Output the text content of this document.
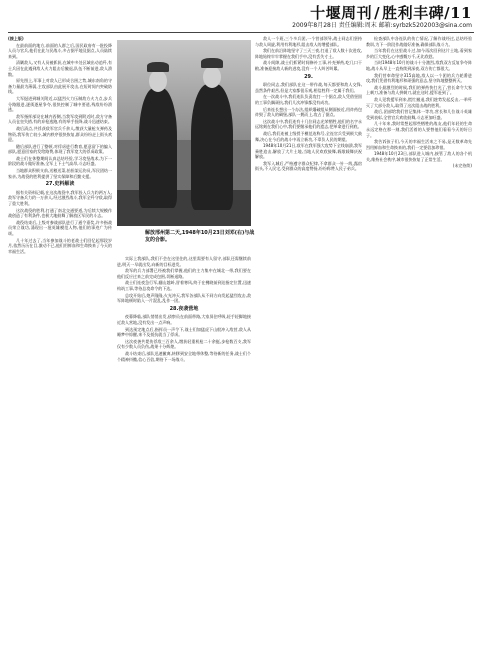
十堰周刊 / 胜利丰碑/11
2009年8月28日 责任编辑:周末 邮箱:syrbzk5202003@sina.com

(接上版)

在最前面的地方,前面的人群之后,国民政府有一批投降人员与官兵,他们在此与民战斗,多占据平地及据点,人员陆续来到。

清剿敌人,又有人员被抓获,在城中多处区域出动追歼,有士兵因在此遇到敌人火力阻击后撤退,队伍不断前进,敌人溃散。

原先图上,军事上对敌人已形成合围之势,城东南角的守备力量最为薄弱,主攻部队由此展开攻击,在短时间内突破防线。

大军挺进到城关附近,以猛烈火力压制敌方火力点,步兵分路跟进,逐街逐屋争夺,很快控制了城中要道,残敌纷纷溃逃。

敌军指挥部设在城内西侧,当我军攻到附近时,敌方守备人员仓皇失措,有的弃枪逃跑,有的举手投降,战斗迅速结束。

战后清点,共俘获敌军官兵千余人,缴获大量枪支弹药及物资,我军伤亡较小,城内秩序很快恢复,群众纷纷走上街头欢迎。

随后部队进行了整顿,对俘虏进行教育,愿意留下的编入部队,愿意回家的发给路费,体现了我军宽大的俘虏政策。

战士们在休整期间认真总结经验,学习攻坚战术,为下一阶段的战斗做好准备,全军上下士气高昂,斗志旺盛。

当地群众积极支前,送粮送菜,抬担架运伤员,军民团结一家亲,为战役的胜利提供了坚实保障和后勤支援。

27.史料解读

据有关资料记载,在这次战役中,我军投入兵力约两万人,敌军守备兵力约一万余人,经过激烈战斗,我军全歼守敌,取得了重大胜利。

这次战役的胜利,打通了南北交通要道,为后续大规模作战创造了有利条件,也极大地鼓舞了解放区军民的斗志。

战役结束后,上级对参战部队进行了通令嘉奖,许多指战员荣立战功,涌现出一批英雄模范人物,他们的事迹广为传颂。

几十年过去了,当年参加战斗的老战士们回忆起那段岁月,依然历历在目,激动不已,他们用鲜血和生命换来了今天的幸福生活。

解放邢州第二天,1948年10月23日刘邓(右)与战友的合影。

实际上我部队,我们不会在这里住的,这里需要有人留守,部队还需继续前进,明天一早就出发,向新的目标进发。

敌军的兵力部署已经被我们掌握,他们的主力集中在城北一带,我们要在他们反应过来之前完成包围,切断退路。

战士们连夜急行军,翻山越岭,冒着寒风,终于在拂晓前到达指定位置,迅速构筑工事,等待总攻命令的下达。

总攻开始后,炮声隆隆,火光冲天,我军各部队从不同方向发起猛烈攻击,敌军阵地顿时陷入一片混乱,乱作一团。

28.夜袭营地

夜幕降临,部队悄悄出发,侦察员在前面带路,大家屏住呼吸,轻手轻脚地接近敌人营地,没有发出一点声响。

到达预定地点后,指挥员一声令下,战士们如猛虎下山般冲入敌营,敌人从睡梦中惊醒,来不及抵抗就当了俘虏。

这次夜袭共毙伤俘敌三百余人,缴获轻重机枪二十余挺,步枪数百支,我军仅有少数人员负伤,战果十分辉煌。

战斗结束后,部队迅速撤离,转移到安全地带休整,等待新的任务,战士们个个精神抖擞,信心百倍,期待下一场战斗。

敌人一个班,三个多兵团,一个营部领导,战士同志们坚持与敌人周旋,利用有利地形,阻击敌人的增援部队。

我们在前沿阵地坚守了三天三夜,打退了敌人数十次进攻,阵地始终牢牢掌握在我们手中,没有丢失寸土。

战斗间隙,战士们抓紧时间修补工事,补充弹药,吃几口干粮,准备迎接敌人新的进攻,没有一个人叫苦叫累。

29.

职位同志,我们部队在这一带作战,每天都要和敌人交锋,虽然条件艰苦,但是大家都很乐观,相信胜利一定属于我们。

在一次战斗中,我们连队负责攻打一个据点,敌人凭借坚固的工事负隅顽抗,我们几次冲锋都没有成功。

后来连长想出一个办法,组织爆破组从侧面接近,用炸药包炸毁了敌人的碉堡,部队一拥而上,攻占了据点。

这次战斗中,我们连有十几位同志光荣牺牲,他们的名字永远铭刻在我们心中,我们要继承他们的遗志,把革命进行到底。

战后,我们连被上级授予模范连称号,全连官兵受到极大鼓舞,决心在今后的战斗中再立新功,不辜负人民的期望。

1948年10月21日,敌军在我军强大攻势下全线崩溃,我军乘胜追击,解放了大片土地,当地人民欢欣鼓舞,载歌载舞庆祝解放。

我军入城后,严格遵守群众纪律,不拿群众一针一线,露宿街头,不入民宅,受到群众的高度赞扬,纷纷称赞人民子弟兵。

检查部队中各连队的伤亡情况,了解作战经过,总结经验教训,为下一阶段作战做好准备,确保部队战斗力。

当年我们在这里战斗过,如今再次回到这片土地,看到家乡的巨大变化,心中感慨万千,无比欣慰。

当时1948年10月的战斗十分激烈,敌我双方反复争夺阵地,战斗从早上一直持续到深夜,双方伤亡都很大。

我们营奉命坚守315高地,敌人以一个团的兵力轮番进攻,我们凭借有利地形和顽强的意志,坚守阵地整整两天。

战斗最激烈的时候,我们的弹药快打光了,营长命令大家上刺刀,准备与敌人拼刺刀,就在这时,援军赶到了。

敌人见我援军到来,慌忙撤退,我们趁势发起反击,一举歼灭了大部分敌人,取得了这次阻击战的胜利。

战后,团部给我们营记集体一等功,营长和几位战斗英雄受到表彰,全营官兵欢欣鼓舞,斗志更加旺盛。

几十年来,我时常想起那些牺牲的战友,他们年轻的生命永远定格在那一刻,我们活着的人要替他们看看今天的好日子。

我告诉孩子们,今天的幸福生活来之不易,是无数革命先烈用鲜血和生命换来的,我们一定要倍加珍惜。

1948年10月23日,部队进入城内,接管了敌人的各个机关,维持社会秩序,城市很快恢复了正常生活。

(未完待续)
